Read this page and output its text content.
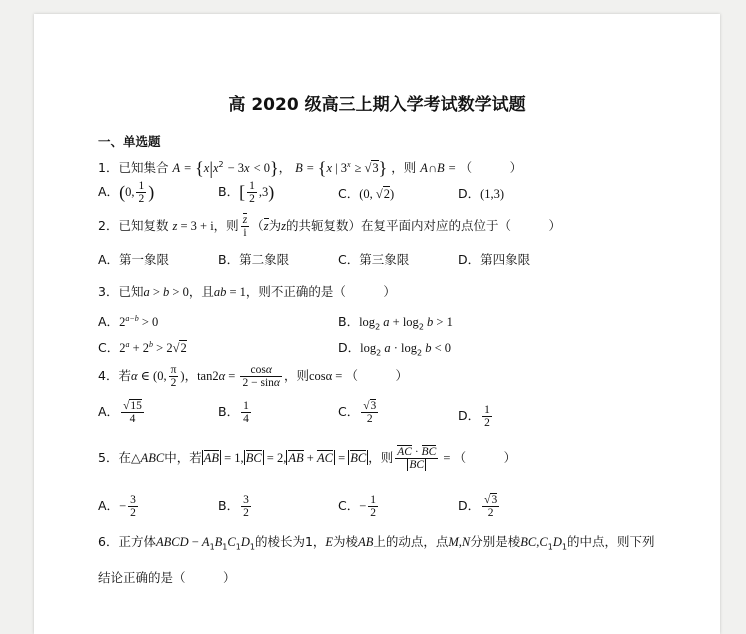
高 2020 级高三上期入学考试数学试题
一、单选题
1．已知集合 $A = \{x|x^2 - 3x < 0\}$， B = {x | $3^x \ge √3$} ，则 A∩B = （　　　）
A．(0, $\frac{1}{2}$ )	B．[ $\frac{1}{2} ,3$)	C．(0, √2)	D．(1,3)
2．已知复数 z = 3 + i，则 $\frac{z}{i} (z$为z的共轭复数）在复平面内对应的点位于（　　　）
A．第一象限	B．第二象限	C．第三象限	D．第四象限
3．已知a > b > 0，且ab = 1，则不正确的是（　　　）
A．$2^{a-b} > 0$	B．$\log_2 a + \log_2 b > 1$
C．$2^a + 2^b > 2√2$	D．$\log_2 a \cdot \log_2 b < 0$
4．若α ∈ (0, $\frac{\pi}{2}$ )，$\tan 2\alpha = \frac{\cos\alpha}{2 - \sin\alpha}$ ，则cosα = （　　　）
A． $\frac{√15}{4}$	B． $\frac{1}{4}$	C． $\frac{√3}{2}$	D． $\frac{1}{2}$
5．在△ABC中，若 AB = 1, BC = 2, AB + AC = BC ，则 $\frac{AC \cdot BC}{BC}$ = （　　　）
A．− $\frac{3}{2}$	B． $\frac{3}{2}$	C．− $\frac{1}{2}$	D． $\frac{√3}{2}$
6．正方体ABCD − $A_1B_1C_1D_1$的棱长为1，E为棱AB上的动点，点M,N分别是棱$BC,C_1D_1$的中点，则下列
结论正确的是（　　　）
